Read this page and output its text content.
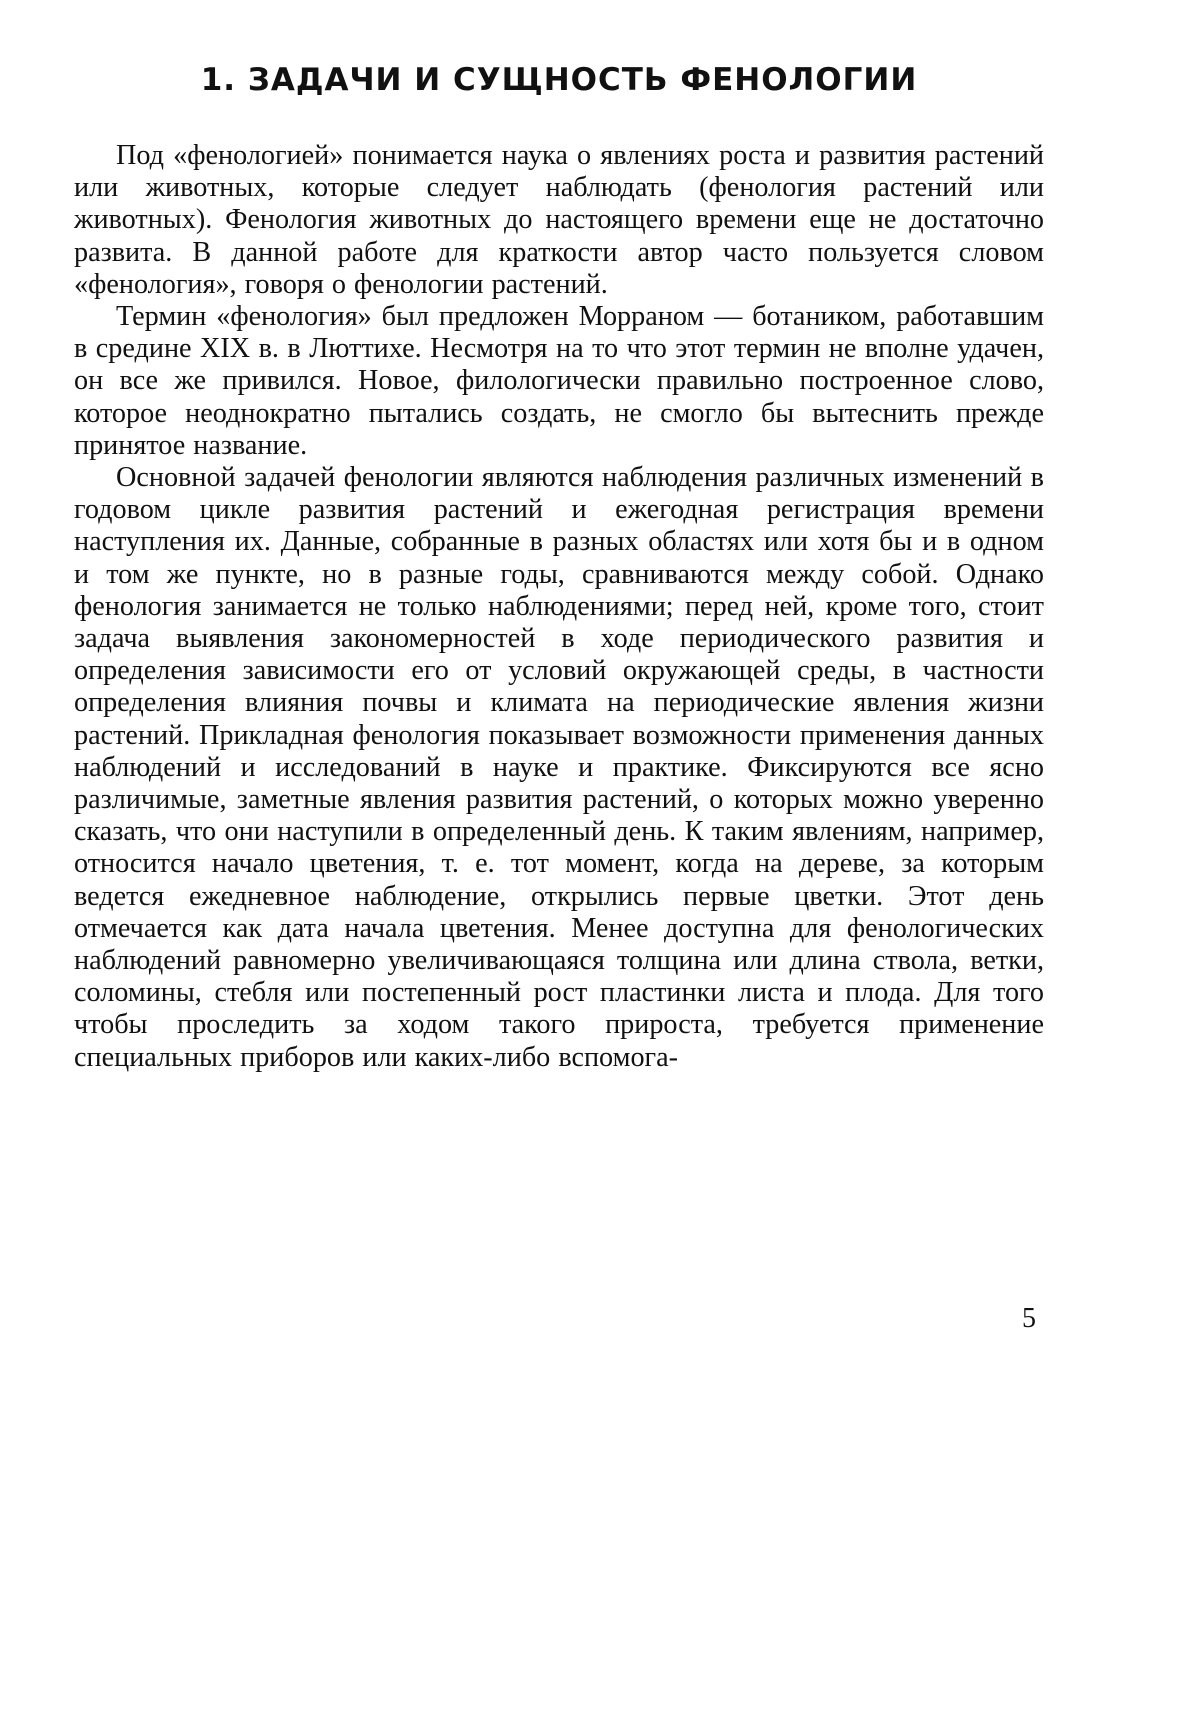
1. ЗАДАЧИ И СУЩНОСТЬ ФЕНОЛОГИИ

Под «фенологией» понимается наука о явлениях роста и развития растений или животных, которые следует наблюдать (фенология растений или животных). Фенология животных до настоящего времени еще не достаточно развита. В данной работе для краткости автор часто пользуется словом «фенология», говоря о фенологии растений.

Термин «фенология» был предложен Морраном — ботаником, работавшим в средине XIX в. в Люттихе. Несмотря на то что этот термин не вполне удачен, он все же привился. Новое, филологически правильно построенное слово, которое неоднократно пытались создать, не смогло бы вытеснить прежде принятое название.

Основной задачей фенологии являются наблюдения различных изменений в годовом цикле развития растений и ежегодная регистрация времени наступления их. Данные, собранные в разных областях или хотя бы и в одном и том же пункте, но в разные годы, сравниваются между собой. Однако фенология занимается не только наблюдениями; перед ней, кроме того, стоит задача выявления закономерностей в ходе периодического развития и определения зависимости его от условий окружающей среды, в частности определения влияния почвы и климата на периодические явления жизни растений. Прикладная фенология показывает возможности применения данных наблюдений и исследований в науке и практике. Фиксируются все ясно различимые, заметные явления развития растений, о которых можно уверенно сказать, что они наступили в определенный день. К таким явлениям, например, относится начало цветения, т. е. тот момент, когда на дереве, за которым ведется ежедневное наблюдение, открылись первые цветки. Этот день отмечается как дата начала цветения. Менее доступна для фенологических наблюдений равномерно увеличивающаяся толщина или длина ствола, ветки, соломины, стебля или постепенный рост пластинки листа и плода. Для того чтобы проследить за ходом такого прироста, требуется применение специальных приборов или каких-либо вспомога-

5
